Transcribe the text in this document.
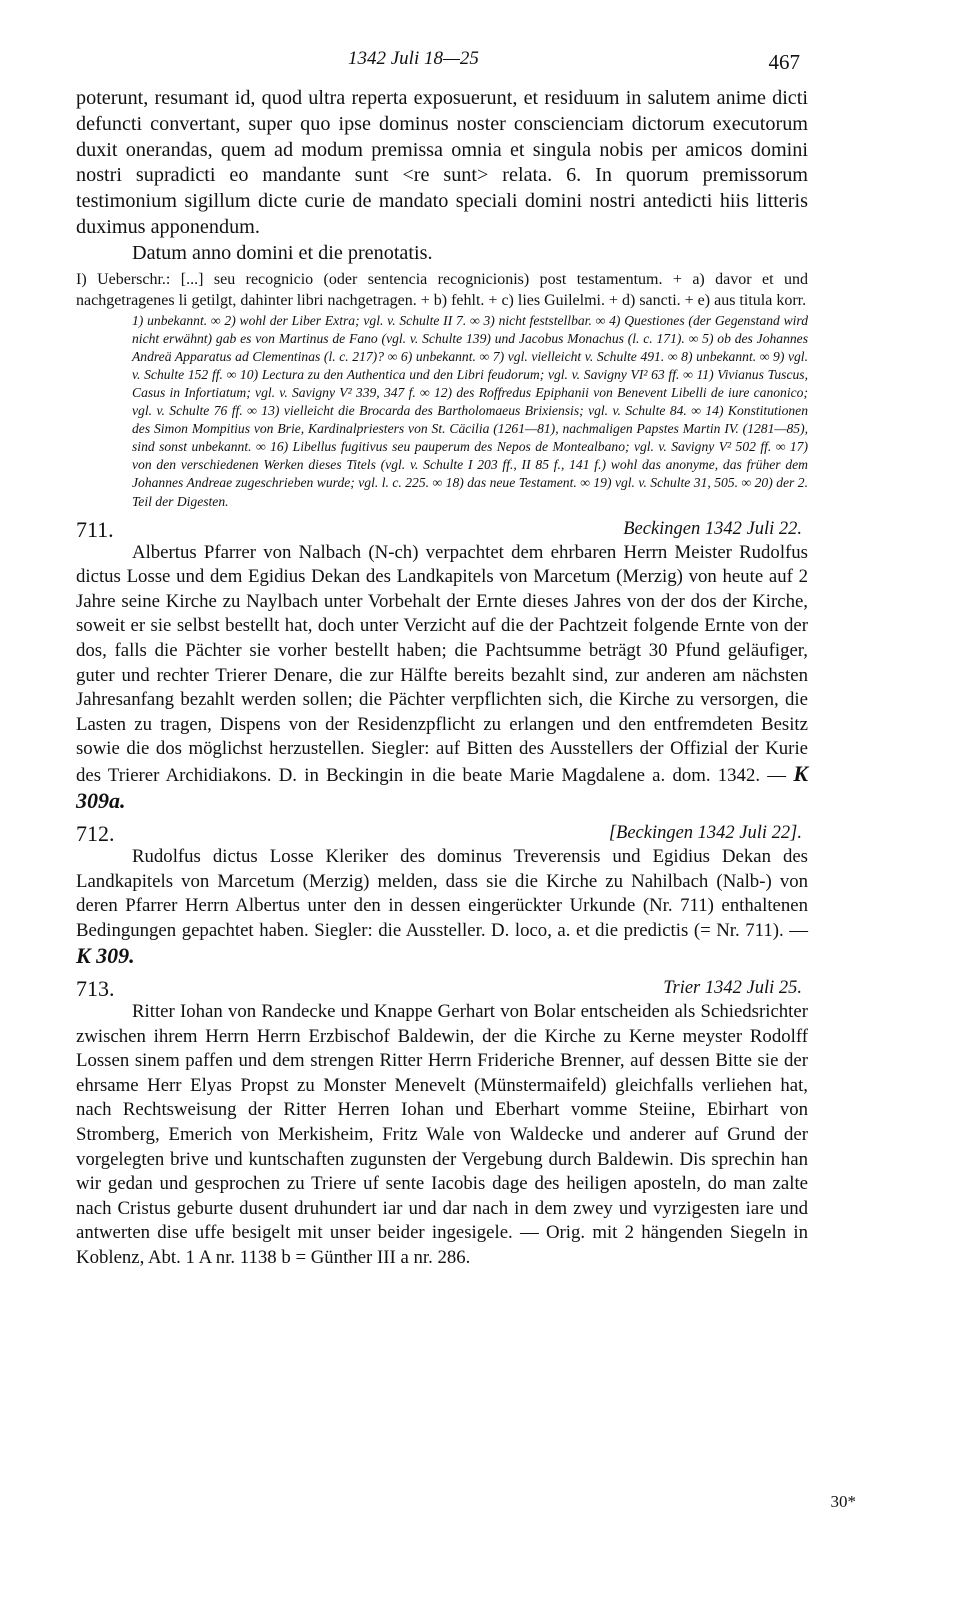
1342 Juli 18—25	467

poterunt, resumant id, quod ultra reperta exposuerunt, et residuum in salutem anime dicti defuncti convertant, super quo ipse dominus noster conscienciam dictorum executorum duxit onerandas, quem ad modum premissa omnia et singula nobis per amicos domini nostri supradicti eo mandante sunt <re sunt> relata. 6. In quorum premissorum testimonium sigillum dicte curie de mandato speciali domini nostri antedicti hiis litteris duximus apponendum.

Datum anno domini et die prenotatis.

I) Ueberschr.: [...] seu recognicio (oder sentencia recognicionis) post testamentum. + a) davor et und nachgetragenes li getilgt, dahinter libri nachgetragen. + b) fehlt. + c) lies Guilelmi. + d) sancti. + e) aus titula korr.

1) unbekannt. ∞ 2) wohl der Liber Extra; vgl. v. Schulte II 7. ∞ 3) nicht feststellbar. ∞ 4) Questiones (der Gegenstand wird nicht erwähnt) gab es von Martinus de Fano (vgl. v. Schulte 139) und Jacobus Monachus (l. c. 171). ∞ 5) ob des Johannes Andreä Apparatus ad Clementinas (l. c. 217)? ∞ 6) unbekannt. ∞ 7) vgl. vielleicht v. Schulte 491. ∞ 8) unbekannt. ∞ 9) vgl. v. Schulte 152 ff. ∞ 10) Lectura zu den Authentica und den Libri feudorum; vgl. v. Savigny VI² 63 ff. ∞ 11) Vivianus Tuscus, Casus in Infortiatum; vgl. v. Savigny V² 339, 347 f. ∞ 12) des Roffredus Epiphanii von Benevent Libelli de iure canonico; vgl. v. Schulte 76 ff. ∞ 13) vielleicht die Brocarda des Bartholomaeus Brixiensis; vgl. v. Schulte 84. ∞ 14) Konstitutionen des Simon Mompitius von Brie, Kardinalpriesters von St. Cäcilia (1261—81), nachmaligen Papstes Martin IV. (1281—85), sind sonst unbekannt. ∞ 16) Libellus fugitivus seu pauperum des Nepos de Montealbano; vgl. v. Savigny V² 502 ff. ∞ 17) von den verschiedenen Werken dieses Titels (vgl. v. Schulte I 203 ff., II 85 f., 141 f.) wohl das anonyme, das früher dem Johannes Andreae zugeschrieben wurde; vgl. l. c. 225. ∞ 18) das neue Testament. ∞ 19) vgl. v. Schulte 31, 505. ∞ 20) der 2. Teil der Digesten.

711.	Beckingen 1342 Juli 22.

Albertus Pfarrer von Nalbach (N-ch) verpachtet dem ehrbaren Herrn Meister Rudolfus dictus Losse und dem Egidius Dekan des Landkapitels von Marcetum (Merzig) von heute auf 2 Jahre seine Kirche zu Naylbach unter Vorbehalt der Ernte dieses Jahres von der dos der Kirche, soweit er sie selbst bestellt hat, doch unter Verzicht auf die der Pachtzeit folgende Ernte von der dos, falls die Pächter sie vorher bestellt haben; die Pachtsumme beträgt 30 Pfund geläufiger, guter und rechter Trierer Denare, die zur Hälfte bereits bezahlt sind, zur anderen am nächsten Jahresanfang bezahlt werden sollen; die Pächter verpflichten sich, die Kirche zu versorgen, die Lasten zu tragen, Dispens von der Residenzpflicht zu erlangen und den entfremdeten Besitz sowie die dos möglichst herzustellen. Siegler: auf Bitten des Ausstellers der Offizial der Kurie des Trierer Archidiakons. D. in Beckingin in die beate Marie Magdalene a. dom. 1342. — K 309a.

712.	[Beckingen 1342 Juli 22].

Rudolfus dictus Losse Kleriker des dominus Treverensis und Egidius Dekan des Landkapitels von Marcetum (Merzig) melden, dass sie die Kirche zu Nahilbach (Nalb-) von deren Pfarrer Herrn Albertus unter den in dessen eingerückter Urkunde (Nr. 711) enthaltenen Bedingungen gepachtet haben. Siegler: die Aussteller. D. loco, a. et die predictis (= Nr. 711). — K 309.

713.	Trier 1342 Juli 25.

Ritter Iohan von Randecke und Knappe Gerhart von Bolar entscheiden als Schiedsrichter zwischen ihrem Herrn Herrn Erzbischof Baldewin, der die Kirche zu Kerne meyster Rodolff Lossen sinem paffen und dem strengen Ritter Herrn Frideriche Brenner, auf dessen Bitte sie der ehrsame Herr Elyas Propst zu Monster Menevelt (Münstermaifeld) gleichfalls verliehen hat, nach Rechtsweisung der Ritter Herren Iohan und Eberhart vomme Steiine, Ebirhart von Stromberg, Emerich von Merkisheim, Fritz Wale von Waldecke und anderer auf Grund der vorgelegten brive und kuntschaften zugunsten der Vergebung durch Baldewin. Dis sprechin han wir gedan und gesprochen zu Triere uf sente Iacobis dage des heiligen aposteln, do man zalte nach Cristus geburte dusent druhundert iar und dar nach in dem zwey und vyrzigesten iare und antwerten dise uffe besigelt mit unser beider ingesigele. — Orig. mit 2 hängenden Siegeln in Koblenz, Abt. 1 A nr. 1138 b = Günther III a nr. 286.

30*
